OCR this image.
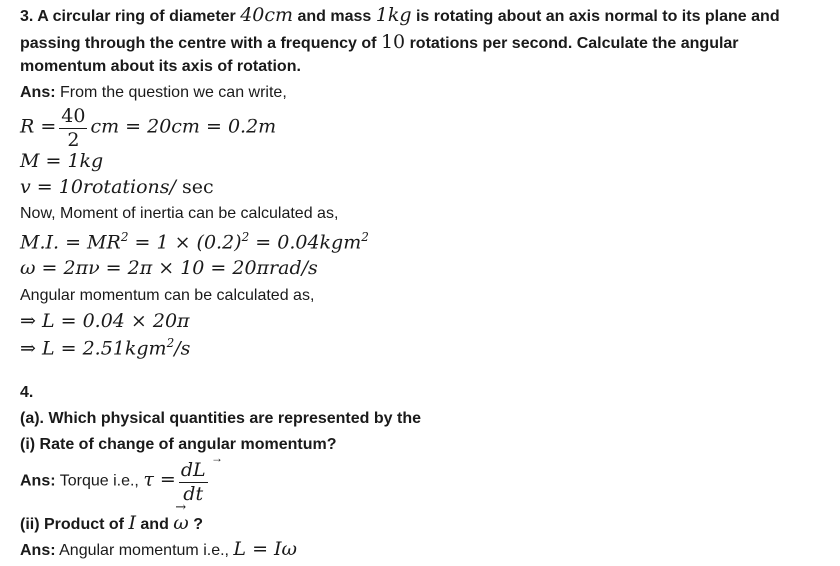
3. A circular ring of diameter 40cm and mass 1kg is rotating about an axis normal to its plane and
passing through the centre with a frequency of 10 rotations per second. Calculate the angular
momentum about its axis of rotation.
Ans: From the question we can write,
$R = \frac{40}{2}$ cm = 20cm = 0.2m
M = 1kg
v = 10rotations/ sec
Now, Moment of inertia can be calculated as,
M.I. = $MR^2 = 1 \times (0.2)^2 = 0.04kgm^2$
ω = 2πν = 2π × 10 = 20πrad/s
Angular momentum can be calculated as,
⇒ L = 0.04 × 20π
⇒ L = 2.51kgm$^2$/s
4.
(a). Which physical quantities are represented by the
(i) Rate of change of angular momentum?
Ans: Torque i.e., $\tau = \frac{dL}{dt}$ →
(ii) Product of I and
→
ω ?
Ans: Angular momentum i.e., L = Iω
